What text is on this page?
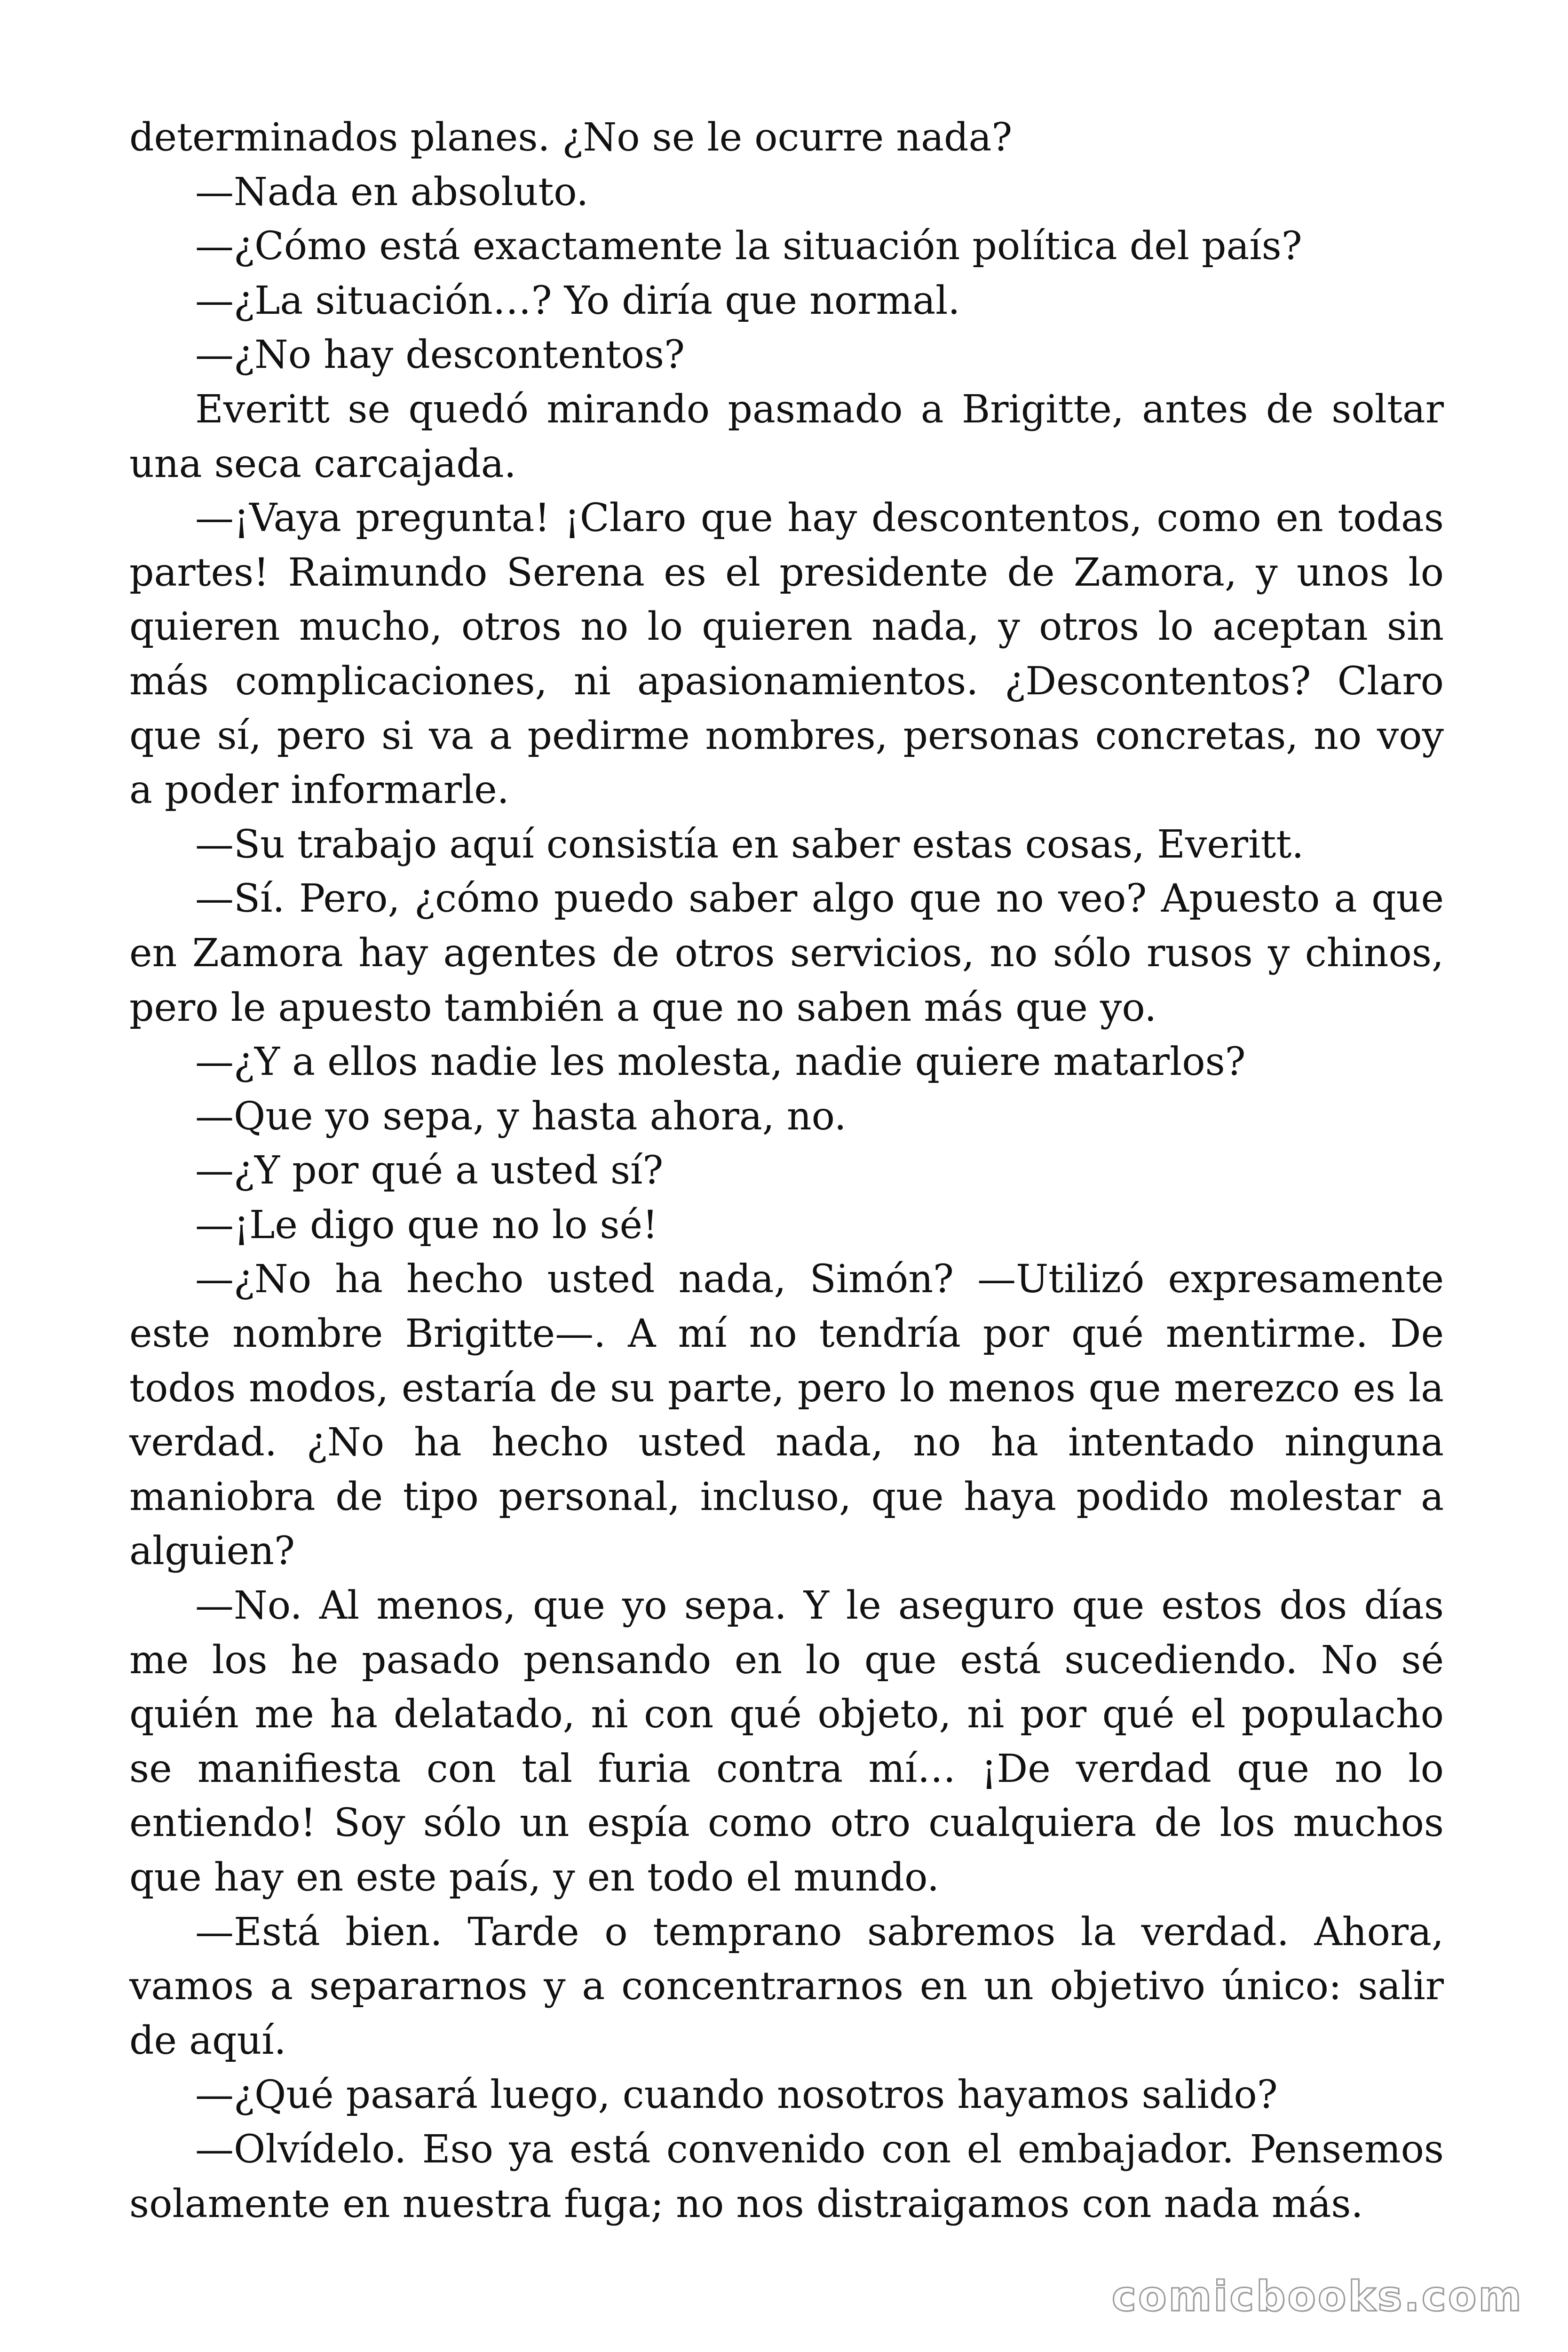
determinados planes. ¿No se le ocurre nada?

—Nada en absoluto.

—¿Cómo está exactamente la situación política del país?

—¿La situación…? Yo diría que normal.

—¿No hay descontentos?

Everitt se quedó mirando pasmado a Brigitte, antes de soltar una seca carcajada.

—¡Vaya pregunta! ¡Claro que hay descontentos, como en todas partes! Raimundo Serena es el presidente de Zamora, y unos lo quieren mucho, otros no lo quieren nada, y otros lo aceptan sin más complicaciones, ni apasionamientos. ¿Descontentos? Claro que sí, pero si va a pedirme nombres, personas concretas, no voy a poder informarle.

—Su trabajo aquí consistía en saber estas cosas, Everitt.

—Sí. Pero, ¿cómo puedo saber algo que no veo? Apuesto a que en Zamora hay agentes de otros servicios, no sólo rusos y chinos, pero le apuesto también a que no saben más que yo.

—¿Y a ellos nadie les molesta, nadie quiere matarlos?

—Que yo sepa, y hasta ahora, no.

—¿Y por qué a usted sí?

—¡Le digo que no lo sé!

—¿No ha hecho usted nada, Simón? —Utilizó expresamente este nombre Brigitte—. A mí no tendría por qué mentirme. De todos modos, estaría de su parte, pero lo menos que merezco es la verdad. ¿No ha hecho usted nada, no ha intentado ninguna maniobra de tipo personal, incluso, que haya podido molestar a alguien?

—No. Al menos, que yo sepa. Y le aseguro que estos dos días me los he pasado pensando en lo que está sucediendo. No sé quién me ha delatado, ni con qué objeto, ni por qué el populacho se manifiesta con tal furia contra mí… ¡De verdad que no lo entiendo! Soy sólo un espía como otro cualquiera de los muchos que hay en este país, y en todo el mundo.

—Está bien. Tarde o temprano sabremos la verdad. Ahora, vamos a separarnos y a concentrarnos en un objetivo único: salir de aquí.

—¿Qué pasará luego, cuando nosotros hayamos salido?

—Olvídelo. Eso ya está convenido con el embajador. Pensemos solamente en nuestra fuga; no nos distraigamos con nada más.

comicbooks.com
